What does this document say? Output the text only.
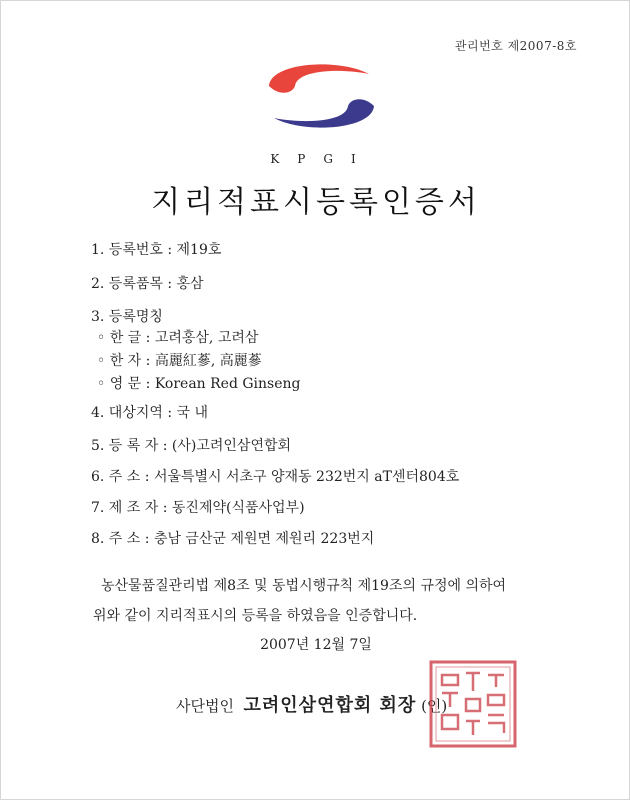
관리번호 제2007-8호
KPGI
지리적표시등록인증서
1. 등록번호 : 제19호
2. 등록품목 : 홍삼
3. 등록명칭
◦ 한 글 : 고려홍삼, 고려삼
◦ 한 자 : 高麗紅蔘, 高麗蔘
◦ 영 문 : Korean Red Ginseng
4. 대상지역 : 국 내
5. 등 록 자 : (사)고려인삼연합회
6. 주 소 : 서울특별시 서초구 양재동 232번지 aT센터804호
7. 제 조 자 : 동진제약(식품사업부)
8. 주 소 : 충남 금산군 제원면 제원리 223번지
농산물품질관리법 제8조 및 동법시행규칙 제19조의 규정에 의하여
위와 같이 지리적표시의 등록을 하였음을 인증합니다.
2007년 12월 7일
사단법인 고려인삼연합회 회장 (인)
